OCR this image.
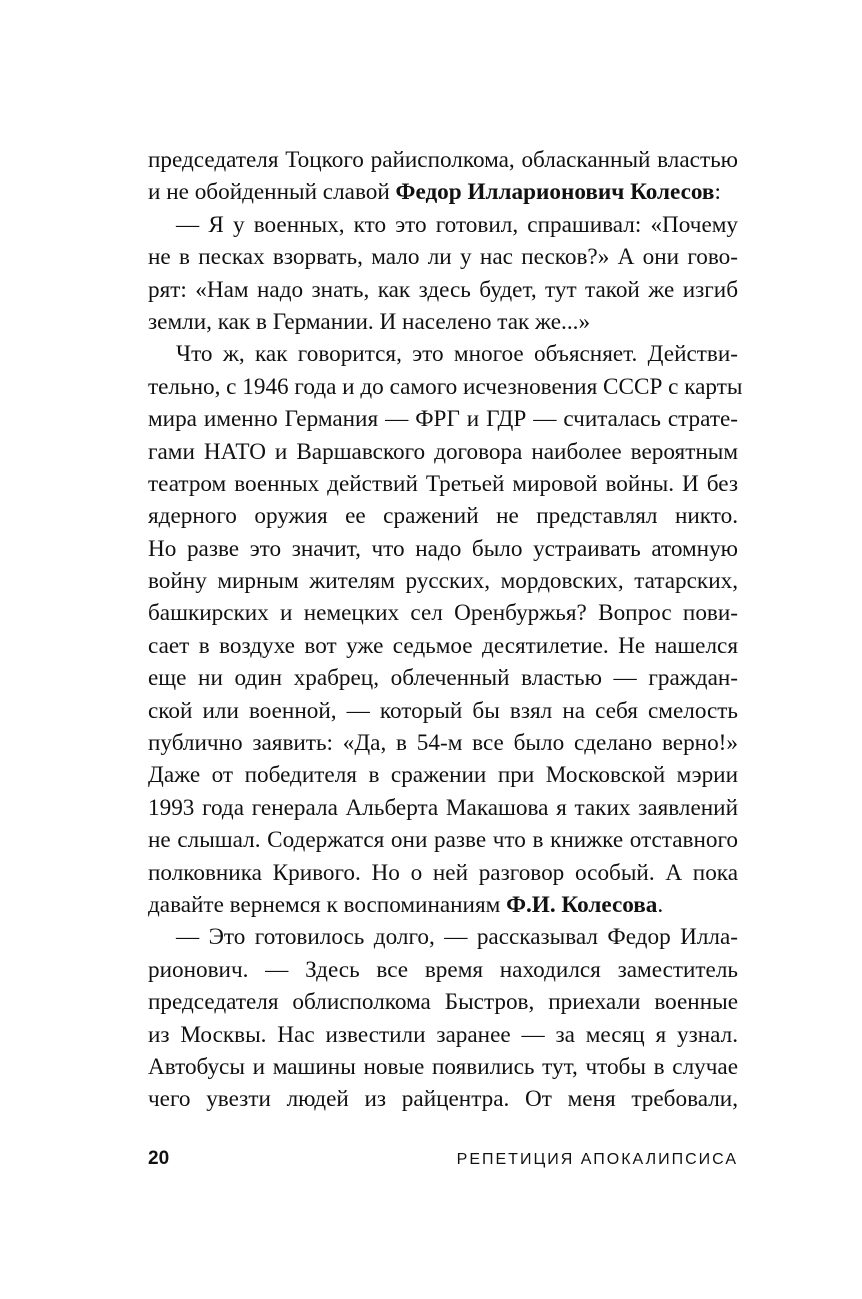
председателя Тоцкого райисполкома, обласканный властью
и не обойденный славой Федор Илларионович Колесов:
— Я у военных, кто это готовил, спрашивал: «Почему
не в песках взорвать, мало ли у нас песков?» А они гово-
рят: «Нам надо знать, как здесь будет, тут такой же изгиб
земли, как в Германии. И населено так же...»
Что ж, как говорится, это многое объясняет. Действи-
тельно, с 1946 года и до самого исчезновения СССР с карты
мира именно Германия — ФРГ и ГДР — считалась страте-
гами НАТО и Варшавского договора наиболее вероятным
театром военных действий Третьей мировой войны. И без
ядерного оружия ее сражений не представлял никто.
Но разве это значит, что надо было устраивать атомную
войну мирным жителям русских, мордовских, татарских,
башкирских и немецких сел Оренбуржья? Вопрос пови-
сает в воздухе вот уже седьмое десятилетие. Не нашелся
еще ни один храбрец, облеченный властью — граждан-
ской или военной, — который бы взял на себя смелость
публично заявить: «Да, в 54-м все было сделано верно!»
Даже от победителя в сражении при Московской мэрии
1993 года генерала Альберта Макашова я таких заявлений
не слышал. Содержатся они разве что в книжке отставного
полковника Кривого. Но о ней разговор особый. А пока
давайте вернемся к воспоминаниям Ф.И. Колесова.
— Это готовилось долго, — рассказывал Федор Илла-
рионович. — Здесь все время находился заместитель
председателя облисполкома Быстров, приехали военные
из Москвы. Нас известили заранее — за месяц я узнал.
Автобусы и машины новые появились тут, чтобы в случае
чего увезти людей из райцентра. От меня требовали,
20	РЕПЕТИЦИЯ АПОКАЛИПСИСА
